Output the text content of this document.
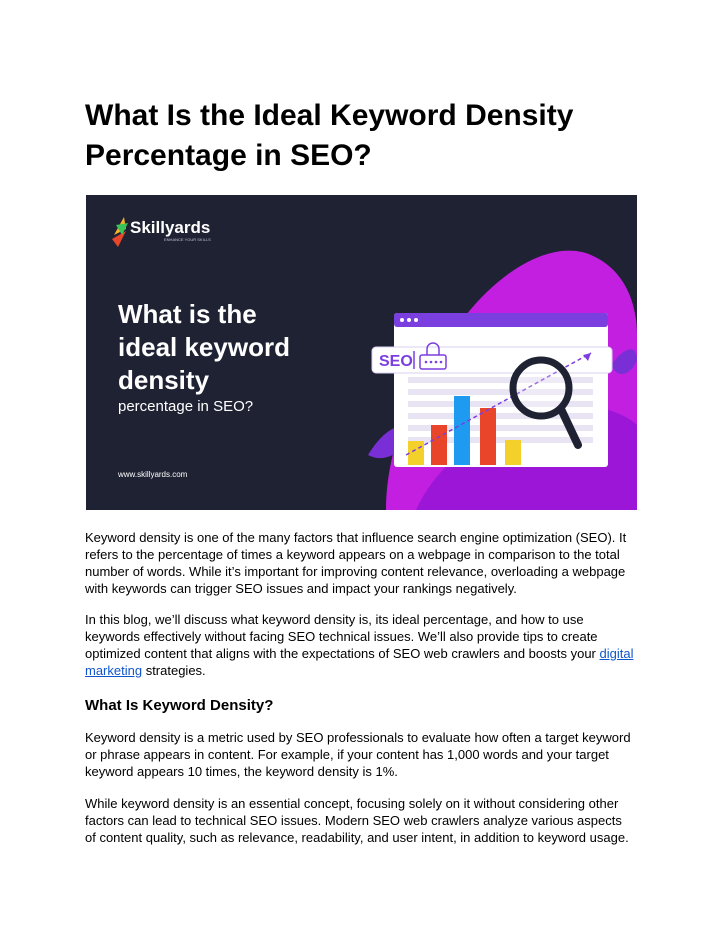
What Is the Ideal Keyword Density Percentage in SEO?
Skillyards
ENHANCE YOUR SKILLS
What is the
ideal keyword
density
percentage in SEO?
www.skillyards.com
SEO

Keyword density is one of the many factors that influence search engine optimization (SEO). It refers to the percentage of times a keyword appears on a webpage in comparison to the total number of words. While it’s important for improving content relevance, overloading a webpage with keywords can trigger SEO issues and impact your rankings negatively.

In this blog, we’ll discuss what keyword density is, its ideal percentage, and how to use keywords effectively without facing SEO technical issues. We’ll also provide tips to create optimized content that aligns with the expectations of SEO web crawlers and boosts your digital marketing strategies.

What Is Keyword Density?

Keyword density is a metric used by SEO professionals to evaluate how often a target keyword or phrase appears in content. For example, if your content has 1,000 words and your target keyword appears 10 times, the keyword density is 1%.

While keyword density is an essential concept, focusing solely on it without considering other factors can lead to technical SEO issues. Modern SEO web crawlers analyze various aspects of content quality, such as relevance, readability, and user intent, in addition to keyword usage.
